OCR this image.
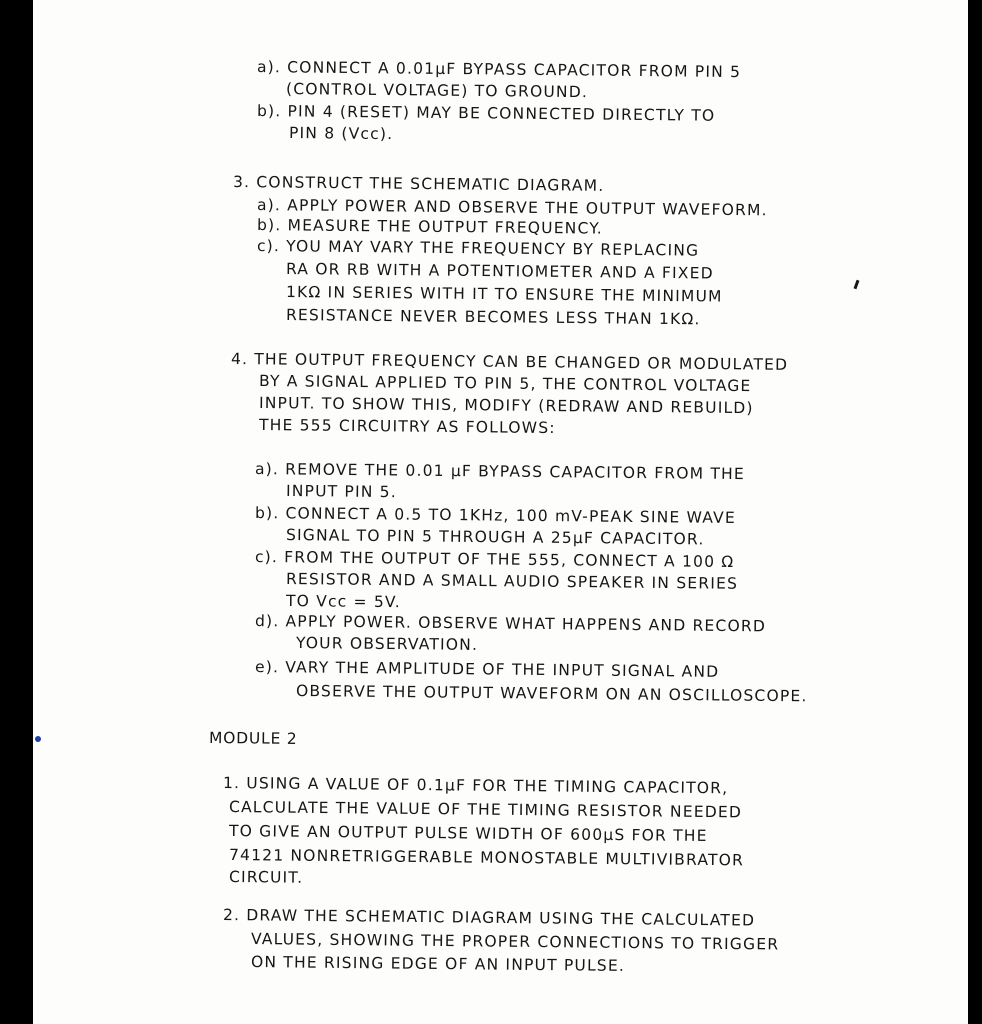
a). CONNECT A 0.01µF BYPASS CAPACITOR FROM PIN 5
(CONTROL VOLTAGE) TO GROUND.
b). PIN 4 (RESET) MAY BE CONNECTED DIRECTLY TO
PIN 8 (Vcc).
3. CONSTRUCT THE SCHEMATIC DIAGRAM.
a). APPLY POWER AND OBSERVE THE OUTPUT WAVEFORM.
b). MEASURE THE OUTPUT FREQUENCY.
c). YOU MAY VARY THE FREQUENCY BY REPLACING
RA OR RB WITH A POTENTIOMETER AND A FIXED
1KΩ IN SERIES WITH IT TO ENSURE THE MINIMUM
RESISTANCE NEVER BECOMES LESS THAN 1KΩ.
4. THE OUTPUT FREQUENCY CAN BE CHANGED OR MODULATED
BY A SIGNAL APPLIED TO PIN 5, THE CONTROL VOLTAGE
INPUT. TO SHOW THIS, MODIFY (REDRAW AND REBUILD)
THE 555 CIRCUITRY AS FOLLOWS:
a). REMOVE THE 0.01 µF BYPASS CAPACITOR FROM THE
INPUT PIN 5.
b). CONNECT A 0.5 TO 1KHz, 100 mV-PEAK SINE WAVE
SIGNAL TO PIN 5 THROUGH A 25µF CAPACITOR.
c). FROM THE OUTPUT OF THE 555, CONNECT A 100 Ω
RESISTOR AND A SMALL AUDIO SPEAKER IN SERIES
TO Vcc = 5V.
d). APPLY POWER. OBSERVE WHAT HAPPENS AND RECORD
YOUR OBSERVATION.
e). VARY THE AMPLITUDE OF THE INPUT SIGNAL AND
OBSERVE THE OUTPUT WAVEFORM ON AN OSCILLOSCOPE.
MODULE 2
1. USING A VALUE OF 0.1µF FOR THE TIMING CAPACITOR,
CALCULATE THE VALUE OF THE TIMING RESISTOR NEEDED
TO GIVE AN OUTPUT PULSE WIDTH OF 600µS FOR THE
74121 NONRETRIGGERABLE MONOSTABLE MULTIVIBRATOR
CIRCUIT.
2. DRAW THE SCHEMATIC DIAGRAM USING THE CALCULATED
VALUES, SHOWING THE PROPER CONNECTIONS TO TRIGGER
ON THE RISING EDGE OF AN INPUT PULSE.
